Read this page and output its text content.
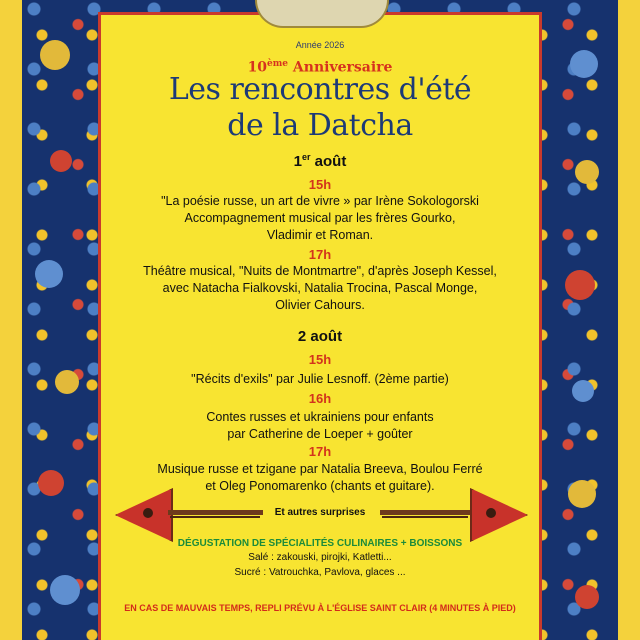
Année 2026
10ème Anniversaire
Les rencontres d'été
de la Datcha
1er août
15h
"La poésie russe, un art de vivre » par Irène Sokologorski
Accompagnement musical par les frères Gourko,
Vladimir et Roman.
17h
Théâtre musical, "Nuits de Montmartre", d'après Joseph Kessel,
avec Natacha Fialkovski, Natalia Trocina, Pascal Monge,
Olivier Cahours.
2 août
15h
"Récits d'exils" par Julie Lesnoff. (2ème partie)
16h
Contes russes et ukrainiens pour enfants
par Catherine de Loeper + goûter
17h
Musique russe et tzigane par Natalia Breeva, Boulou Ferré
et Oleg Ponomarenko (chants et guitare).
Et autres surprises
DÉGUSTATION DE SPÉCIALITÉS CULINAIRES + BOISSONS
Salé : zakouski, pirojki, Katletti...
Sucré : Vatrouchka, Pavlova, glaces ...
EN CAS DE MAUVAIS TEMPS, REPLI PRÉVU À L'ÉGLISE SAINT CLAIR (4 MINUTES À PIED)
